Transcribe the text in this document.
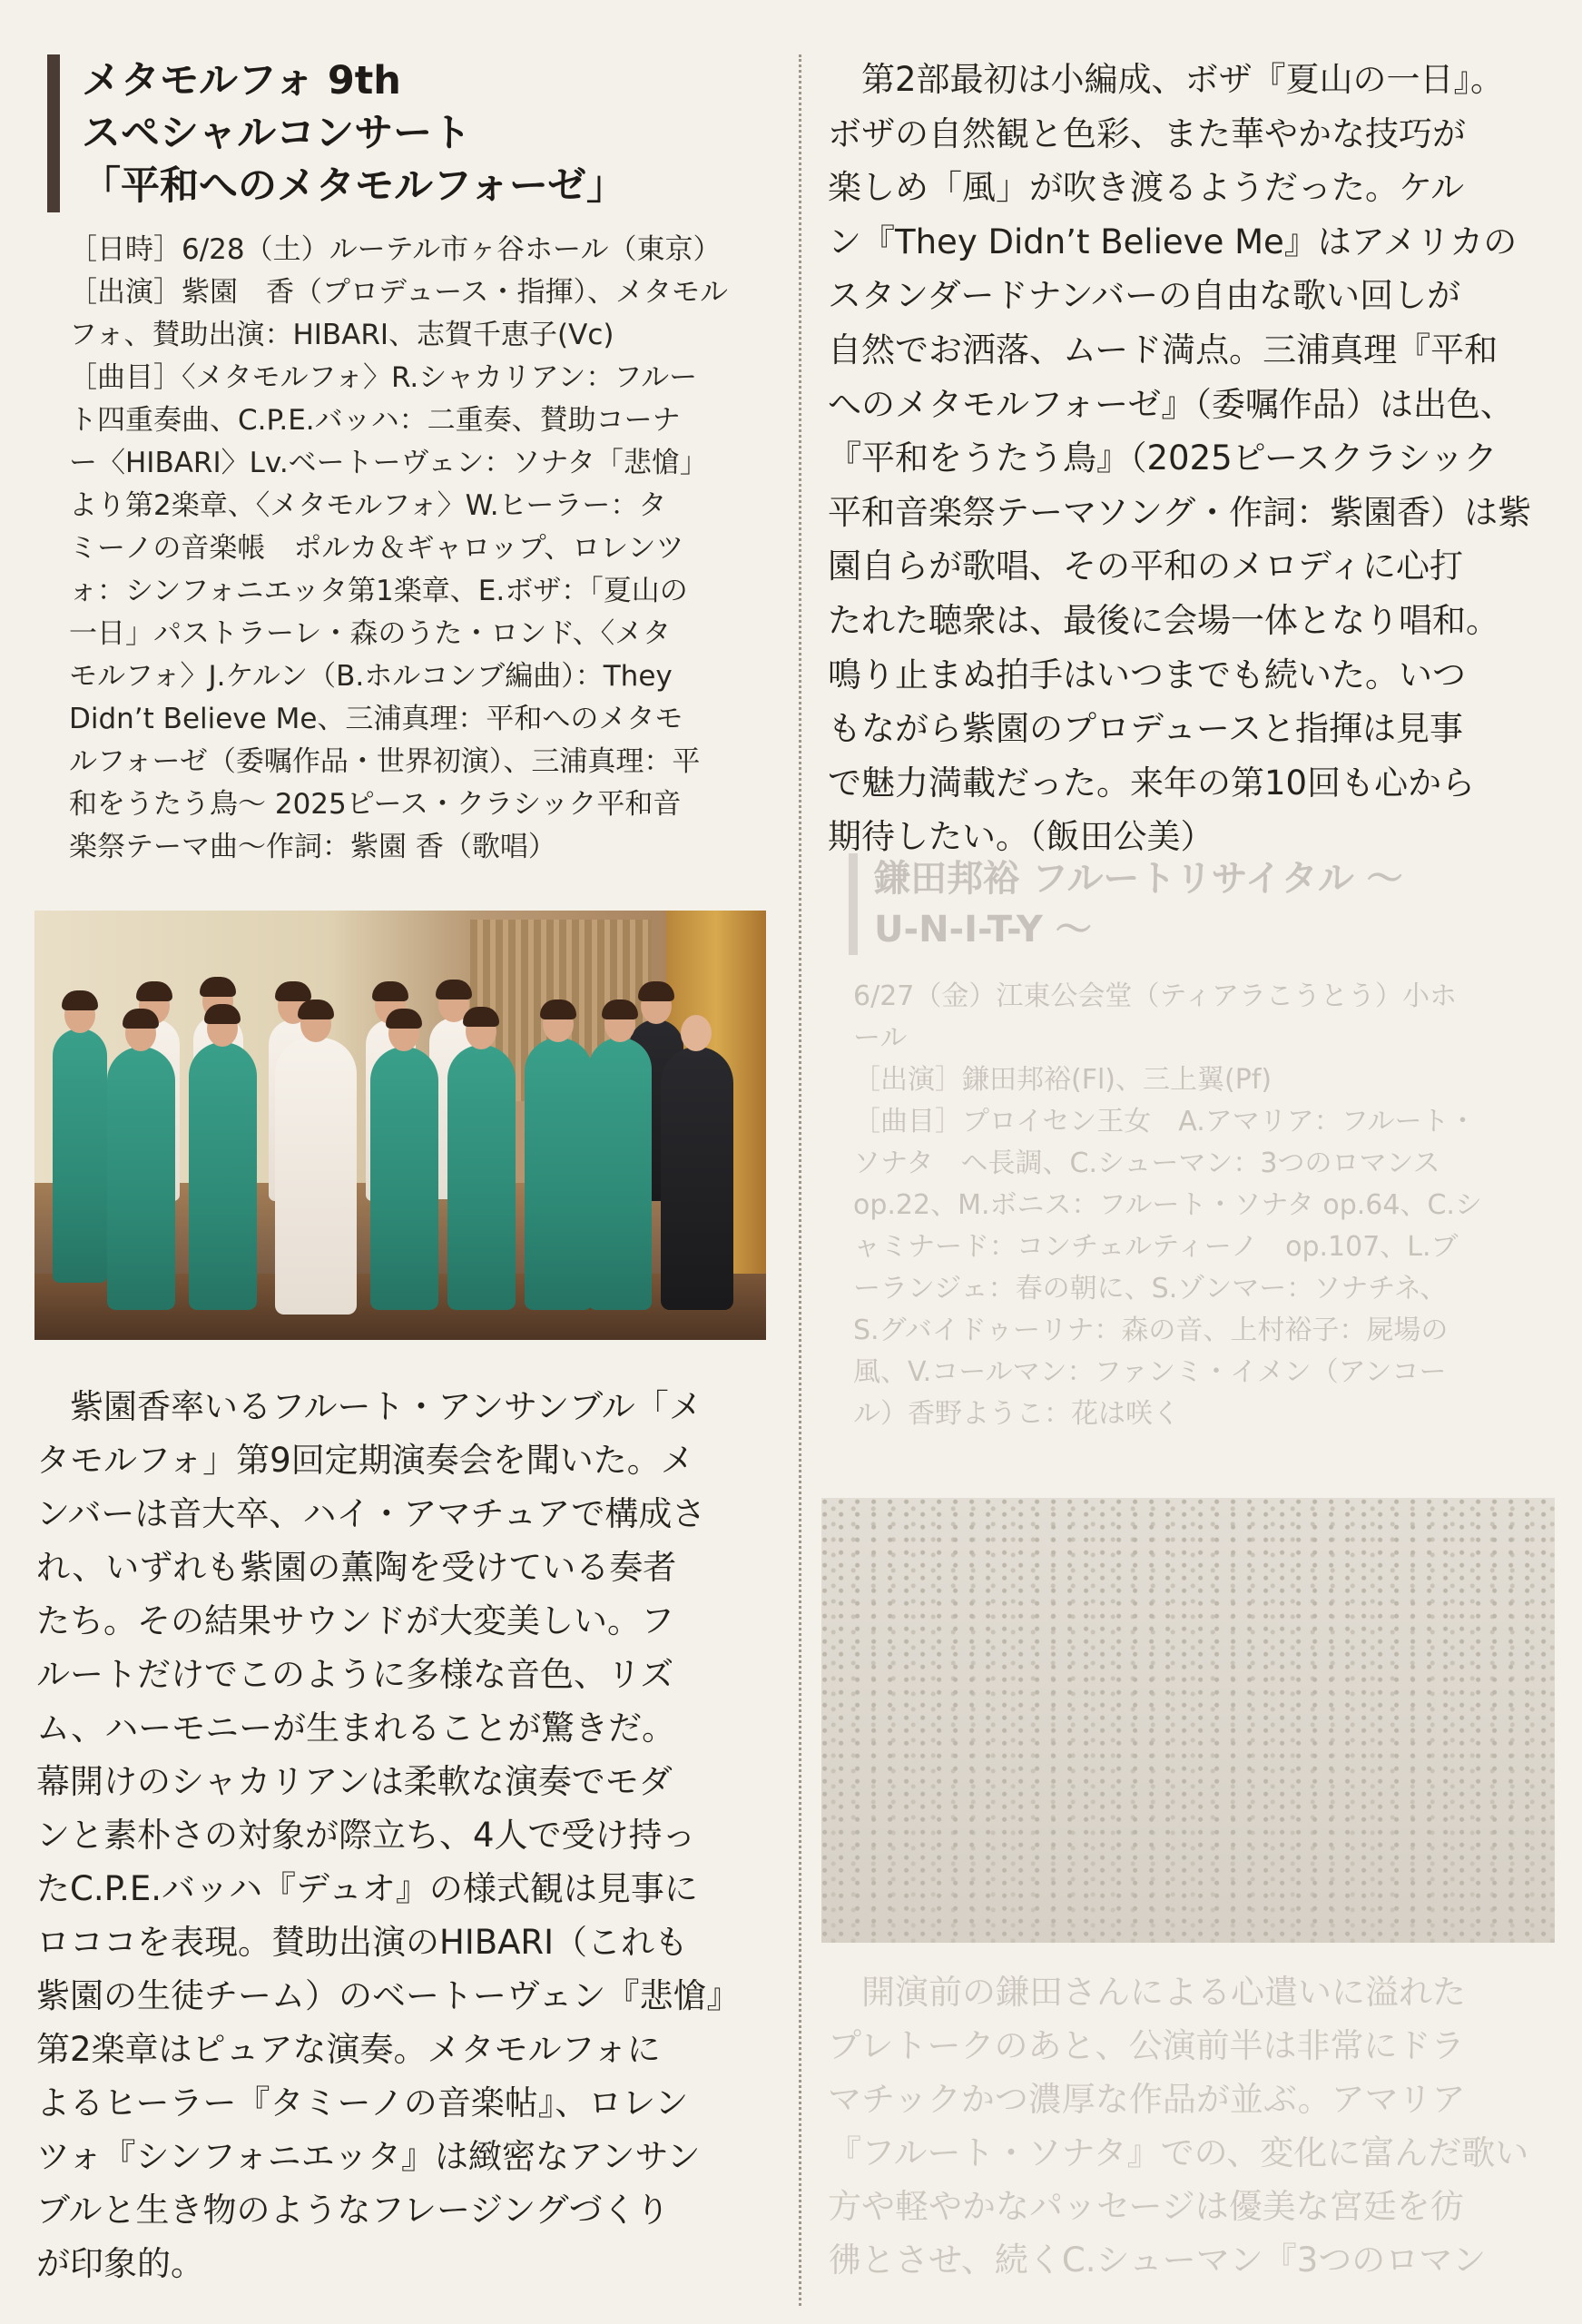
メタモルフォ 9th
スペシャルコンサート
「平和へのメタモルフォーゼ」

［日時］6/28（土）ルーテル市ヶ谷ホール（東京）

［出演］紫園　香（プロデュース・指揮）、メタモル

フォ、賛助出演：HIBARI、志賀千恵子(Vc)

［曲目］〈メタモルフォ〉R.シャカリアン：フルー

ト四重奏曲、C.P.E.バッハ：二重奏、賛助コーナ

ー〈HIBARI〉Lv.ベートーヴェン：ソナタ「悲愴」

より第2楽章、〈メタモルフォ〉W.ヒーラー：タ

ミーノの音楽帳　ポルカ＆ギャロップ、ロレンツ

ォ：シンフォニエッタ第1楽章、E.ボザ：「夏山の

一日」パストラーレ・森のうた・ロンド、〈メタ

モルフォ〉J.ケルン（B.ホルコンブ編曲）：They

Didn’t Believe Me、三浦真理：平和へのメタモ

ルフォーゼ（委嘱作品・世界初演）、三浦真理：平

和をうたう鳥～ 2025ピース・クラシック平和音

楽祭テーマ曲～作詞：紫園 香（歌唱）

紫園香率いるフルート・アンサンブル「メ

タモルフォ」第9回定期演奏会を聞いた。メ

ンバーは音大卒、ハイ・アマチュアで構成さ

れ、いずれも紫園の薫陶を受けている奏者

たち。その結果サウンドが大変美しい。フ

ルートだけでこのように多様な音色、リズ

ム、ハーモニーが生まれることが驚きだ。

幕開けのシャカリアンは柔軟な演奏でモダ

ンと素朴さの対象が際立ち、4人で受け持っ

たC.P.E.バッハ『デュオ』の様式観は見事に

ロココを表現。賛助出演のHIBARI（これも

紫園の生徒チーム）のベートーヴェン『悲愴』

第2楽章はピュアな演奏。メタモルフォに

よるヒーラー『タミーノの音楽帖』、ロレン

ツォ『シンフォニエッタ』は緻密なアンサン

ブルと生き物のようなフレージングづくり

が印象的。

第2部最初は小編成、ボザ『夏山の一日』。

ボザの自然観と色彩、また華やかな技巧が

楽しめ「風」が吹き渡るようだった。ケル

ン『They Didn’t Believe Me』はアメリカの

スタンダードナンバーの自由な歌い回しが

自然でお洒落、ムード満点。三浦真理『平和

へのメタモルフォーゼ』（委嘱作品）は出色、

『平和をうたう鳥』（2025ピースクラシック

平和音楽祭テーマソング・作詞：紫園香）は紫

園自らが歌唱、その平和のメロディに心打

たれた聴衆は、最後に会場一体となり唱和。

鳴り止まぬ拍手はいつまでも続いた。いつ

もながら紫園のプロデュースと指揮は見事

で魅力満載だった。来年の第10回も心から

期待したい。（飯田公美）

鎌田邦裕 フルートリサイタル ～
U-N-I-T-Y ～

6/27（金）江東公会堂（ティアラこうとう）小ホ

ール

［出演］鎌田邦裕(Fl)、三上翼(Pf)

［曲目］プロイセン王女　A.アマリア：フルート・

ソナタ　ヘ長調、C.シューマン：3つのロマンス

op.22、M.ボニス：フルート・ソナタ op.64、C.シ

ャミナード：コンチェルティーノ　op.107、L.ブ

ーランジェ：春の朝に、S.ゾンマー：ソナチネ、

S.グバイドゥーリナ：森の音、上村裕子：屍場の

風、V.コールマン：ファンミ・イメン（アンコー

ル）香野ようこ：花は咲く

開演前の鎌田さんによる心遣いに溢れた

プレトークのあと、公演前半は非常にドラ

マチックかつ濃厚な作品が並ぶ。アマリア

『フルート・ソナタ』での、変化に富んだ歌い

方や軽やかなパッセージは優美な宮廷を彷

彿とさせ、続くC.シューマン『3つのロマン
